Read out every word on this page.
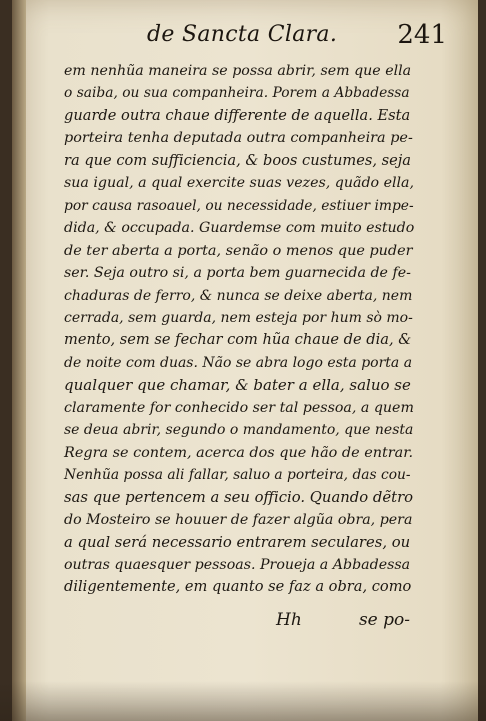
de Sancta Clara. 241
em nenhũa maneira se possa abrir, sem que ella
o saiba, ou sua companheira. Porem a Abbadessa
guarde outra chaue differente de aquella. Esta
porteira tenha deputada outra companheira pe-
ra que com sufficiencia, & boos custumes, seja
sua igual, a qual exercite suas vezes, quãdo ella,
por causa rasoauel, ou necessidade, estiuer impe-
dida, & occupada. Guardemse com muito estudo
de ter aberta a porta, senão o menos que puder
ser. Seja outro si, a porta bem guarnecida de fe-
chaduras de ferro, & nunca se deixe aberta, nem
cerrada, sem guarda, nem esteja por hum sò mo-
mento, sem se fechar com hũa chaue de dia, &
de noite com duas. Não se abra logo esta porta a
qualquer que chamar, & bater a ella, saluo se
claramente for conhecido ser tal pessoa, a quem
se deua abrir, segundo o mandamento, que nesta
Regra se contem, acerca dos que hão de entrar.
Nenhũa possa ali fallar, saluo a porteira, das cou-
sas que pertencem a seu officio. Quando dẽtro
do Mosteiro se houuer de fazer algũa obra, pera
a qual será necessario entrarem seculares, ou
outras quaesquer pessoas. Proueja a Abbadessa
diligentemente, em quanto se faz a obra, como
Hh	se po-
